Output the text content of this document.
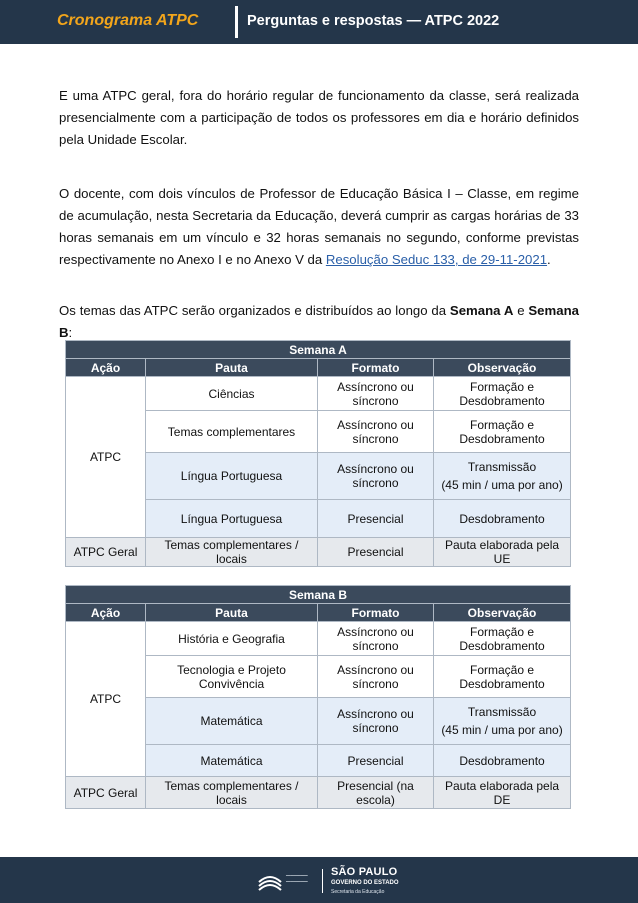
Cronograma ATPC	Perguntas e respostas — ATPC 2022

E uma ATPC geral, fora do horário regular de funcionamento da classe, será realizada presencialmente com a participação de todos os professores em dia e horário definidos pela Unidade Escolar.

O docente, com dois vínculos de Professor de Educação Básica I – Classe, em regime de acumulação, nesta Secretaria da Educação, deverá cumprir as cargas horárias de 33 horas semanais em um vínculo e 32 horas semanais no segundo, conforme previstas respectivamente no Anexo I e no Anexo V da Resolução Seduc 133, de 29-11-2021.

Os temas das ATPC serão organizados e distribuídos ao longo da Semana A e Semana B:

Semana A			
Ação	Pauta	Formato	Observação
ATPC	Ciências	Assíncrono ou síncrono	Formação e Desdobramento
	Temas complementares	Assíncrono ou síncrono	Formação e Desdobramento
	Língua Portuguesa	Assíncrono ou síncrono	Transmissão
(45 min / uma por ano)

	Língua Portuguesa	Presencial	Desdobramento
ATPC Geral	Temas complementares / locais	Presencial	Pauta elaborada pela UE
Semana B			
Ação	Pauta	Formato	Observação
ATPC	História e Geografia	Assíncrono ou síncrono	Formação e Desdobramento
	Tecnologia e Projeto Convivência	Assíncrono ou síncrono	Formação e Desdobramento
	Matemática	Assíncrono ou síncrono	Transmissão
(45 min / uma por ano)

	Matemática	Presencial	Desdobramento
ATPC Geral	Temas complementares / locais	Presencial (na escola)	Pauta elaborada pela DE
━━━━━━━━━
━━━━━━━━━
SÃO PAULO
GOVERNO DO ESTADO
Secretaria da Educação
